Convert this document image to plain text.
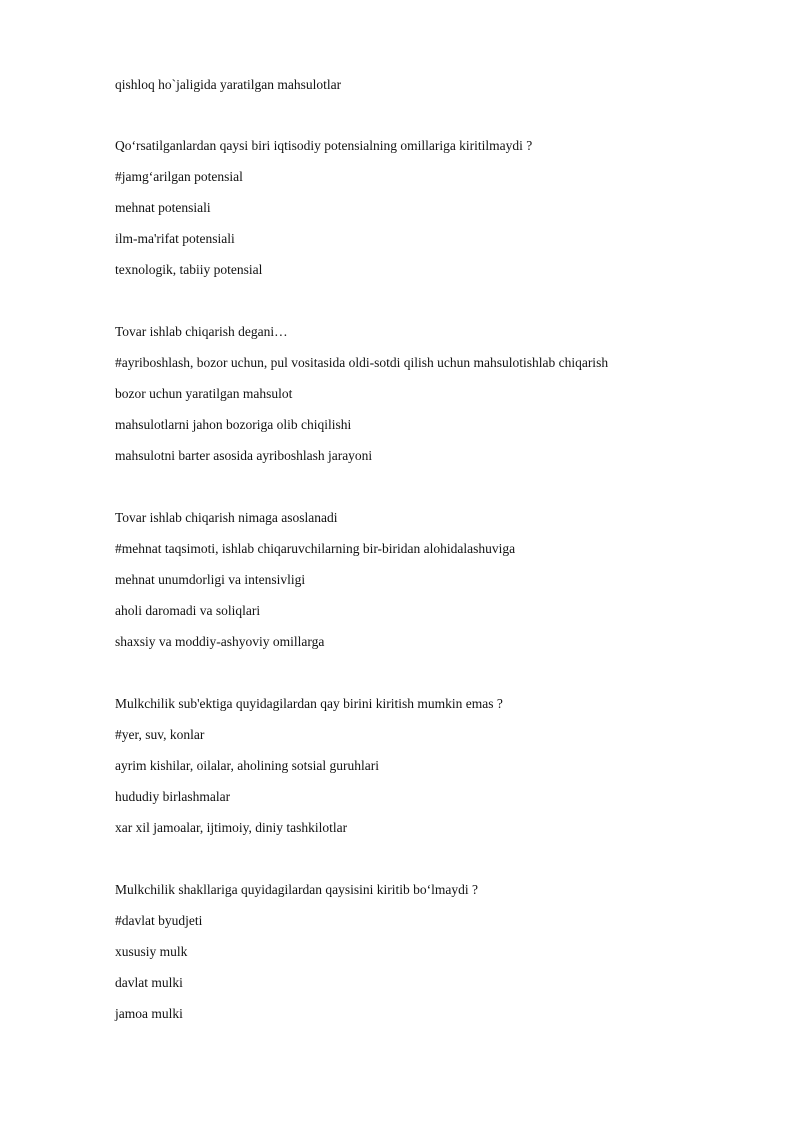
qishloq ho`jaligida yaratilgan mahsulotlar
Qo‘rsatilganlardan qaysi biri iqtisodiy potensialning omillariga kiritilmaydi ?
#jamg‘arilgan potensial
mehnat potensiali
ilm-ma'rifat potensiali
texnologik, tabiiy potensial
Tovar ishlab chiqarish degani…
#ayriboshlash, bozor uchun, pul vositasida oldi-sotdi qilish uchun mahsulotishlab chiqarish
bozor uchun yaratilgan mahsulot
mahsulotlarni jahon bozoriga olib chiqilishi
mahsulotni barter asosida ayriboshlash jarayoni
Tovar ishlab chiqarish nimaga asoslanadi
#mehnat taqsimoti, ishlab chiqaruvchilarning bir-biridan alohidalashuviga
mehnat unumdorligi va intensivligi
aholi daromadi va soliqlari
shaxsiy va moddiy-ashyoviy omillarga
Mulkchilik sub'ektiga quyidagilardan qay birini kiritish mumkin emas ?
#yer, suv, konlar
ayrim kishilar, oilalar, aholining sotsial guruhlari
hududiy birlashmalar
xar xil jamoalar, ijtimoiy, diniy tashkilotlar
Mulkchilik shakllariga quyidagilardan qaysisini kiritib bo‘lmaydi ?
#davlat byudjeti
xususiy mulk
davlat mulki
jamoa mulki
